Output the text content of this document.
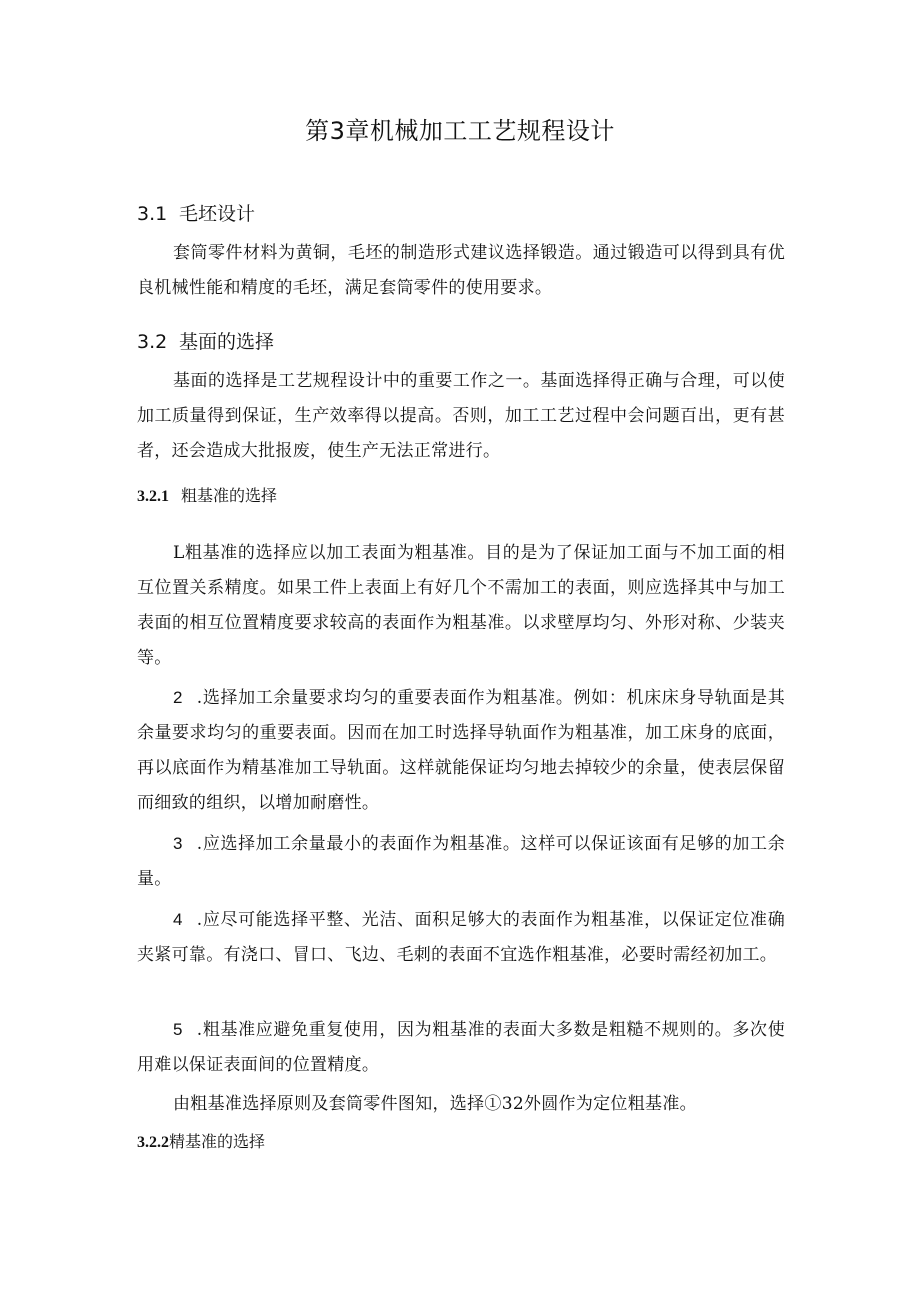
第3章机械加工工艺规程设计
3.1 毛坯设计

套筒零件材料为黄铜，毛坯的制造形式建议选择锻造。通过锻造可以得到具有优良机械性能和精度的毛坯，满足套筒零件的使用要求。

3.2 基面的选择

基面的选择是工艺规程设计中的重要工作之一。基面选择得正确与合理，可以使加工质量得到保证，生产效率得以提高。否则，加工工艺过程中会问题百出，更有甚者，还会造成大批报废，使生产无法正常进行。

3.2.1 粗基准的选择

L粗基准的选择应以加工表面为粗基准。目的是为了保证加工面与不加工面的相互位置关系精度。如果工件上表面上有好几个不需加工的表面，则应选择其中与加工表面的相互位置精度要求较高的表面作为粗基准。以求壁厚均匀、外形对称、少装夹等。

2 .选择加工余量要求均匀的重要表面作为粗基准。例如：机床床身导轨面是其余量要求均匀的重要表面。因而在加工时选择导轨面作为粗基准，加工床身的底面，再以底面作为精基准加工导轨面。这样就能保证均匀地去掉较少的余量，使表层保留而细致的组织，以增加耐磨性。

3 .应选择加工余量最小的表面作为粗基准。这样可以保证该面有足够的加工余量。

4 .应尽可能选择平整、光洁、面积足够大的表面作为粗基准，以保证定位准确夹紧可靠。有浇口、冒口、飞边、毛刺的表面不宜选作粗基准，必要时需经初加工。

5 .粗基准应避免重复使用，因为粗基准的表面大多数是粗糙不规则的。多次使用难以保证表面间的位置精度。

由粗基准选择原则及套筒零件图知，选择①32外圆作为定位粗基准。

3.2.2精基准的选择
